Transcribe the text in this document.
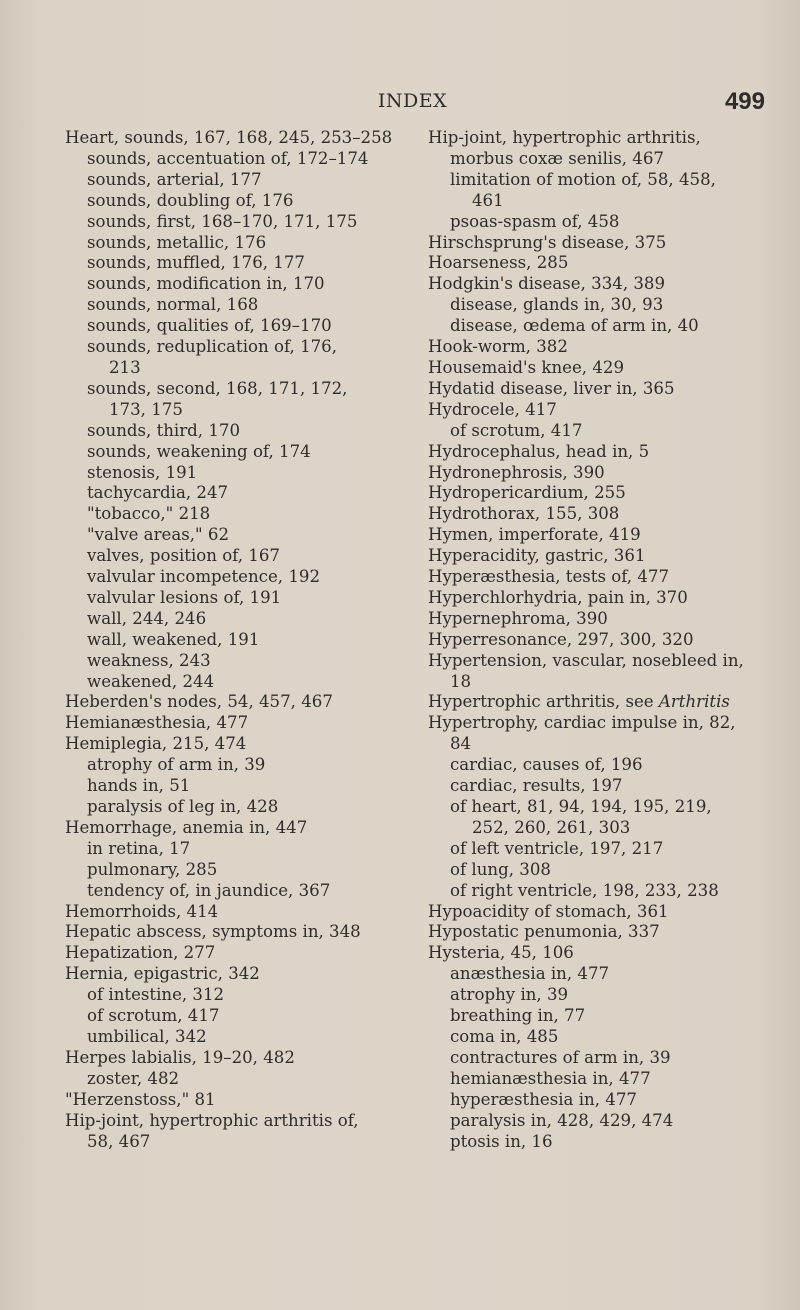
INDEX	499
Heart, sounds, 167, 168, 245, 253–258
sounds, accentuation of, 172–174
sounds, arterial, 177
sounds, doubling of, 176
sounds, first, 168–170, 171, 175
sounds, metallic, 176
sounds, muffled, 176, 177
sounds, modification in, 170
sounds, normal, 168
sounds, qualities of, 169–170
sounds, reduplication of, 176,
213
sounds, second, 168, 171, 172,
173, 175
sounds, third, 170
sounds, weakening of, 174
stenosis, 191
tachycardia, 247
"tobacco," 218
"valve areas," 62
valves, position of, 167
valvular incompetence, 192
valvular lesions of, 191
wall, 244, 246
wall, weakened, 191
weakness, 243
weakened, 244
Heberden's nodes, 54, 457, 467
Hemianæsthesia, 477
Hemiplegia, 215, 474
atrophy of arm in, 39
hands in, 51
paralysis of leg in, 428
Hemorrhage, anemia in, 447
in retina, 17
pulmonary, 285
tendency of, in jaundice, 367
Hemorrhoids, 414
Hepatic abscess, symptoms in, 348
Hepatization, 277
Hernia, epigastric, 342
of intestine, 312
of scrotum, 417
umbilical, 342
Herpes labialis, 19–20, 482
zoster, 482
"Herzenstoss," 81
Hip-joint, hypertrophic arthritis of,
58, 467
Hip-joint, hypertrophic arthritis,
morbus coxæ senilis, 467
limitation of motion of, 58, 458,
461
psoas-spasm of, 458
Hirschsprung's disease, 375
Hoarseness, 285
Hodgkin's disease, 334, 389
disease, glands in, 30, 93
disease, œdema of arm in, 40
Hook-worm, 382
Housemaid's knee, 429
Hydatid disease, liver in, 365
Hydrocele, 417
of scrotum, 417
Hydrocephalus, head in, 5
Hydronephrosis, 390
Hydropericardium, 255
Hydrothorax, 155, 308
Hymen, imperforate, 419
Hyperacidity, gastric, 361
Hyperæsthesia, tests of, 477
Hyperchlorhydria, pain in, 370
Hypernephroma, 390
Hyperresonance, 297, 300, 320
Hypertension, vascular, nosebleed in,
18
Hypertrophic arthritis, see Arthritis
Hypertrophy, cardiac impulse in, 82,
84
cardiac, causes of, 196
cardiac, results, 197
of heart, 81, 94, 194, 195, 219,
252, 260, 261, 303
of left ventricle, 197, 217
of lung, 308
of right ventricle, 198, 233, 238
Hypoacidity of stomach, 361
Hypostatic penumonia, 337
Hysteria, 45, 106
anæsthesia in, 477
atrophy in, 39
breathing in, 77
coma in, 485
contractures of arm in, 39
hemianæsthesia in, 477
hyperæsthesia in, 477
paralysis in, 428, 429, 474
ptosis in, 16
